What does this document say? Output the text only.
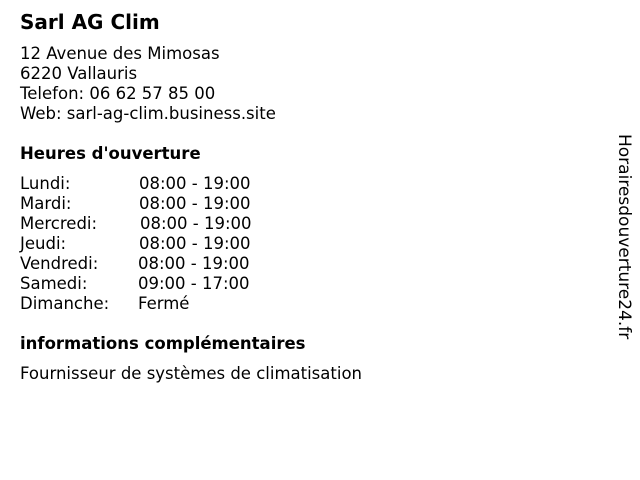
Sarl AG Clim
12 Avenue des Mimosas
6220 Vallauris
Telefon: 06 62 57 85 00
Web: sarl-ag-clim.business.site
Heures d'ouverture
Lundi:	08:00 - 19:00
Mardi:	08:00 - 19:00
Mercredi:	08:00 - 19:00
Jeudi:	08:00 - 19:00
Vendredi: 08:00 - 19:00
Samedi:	09:00 - 17:00
Dimanche: Fermé
informations complémentaires
Fournisseur de systèmes de climatisation
Horairesdouverture24.fr
